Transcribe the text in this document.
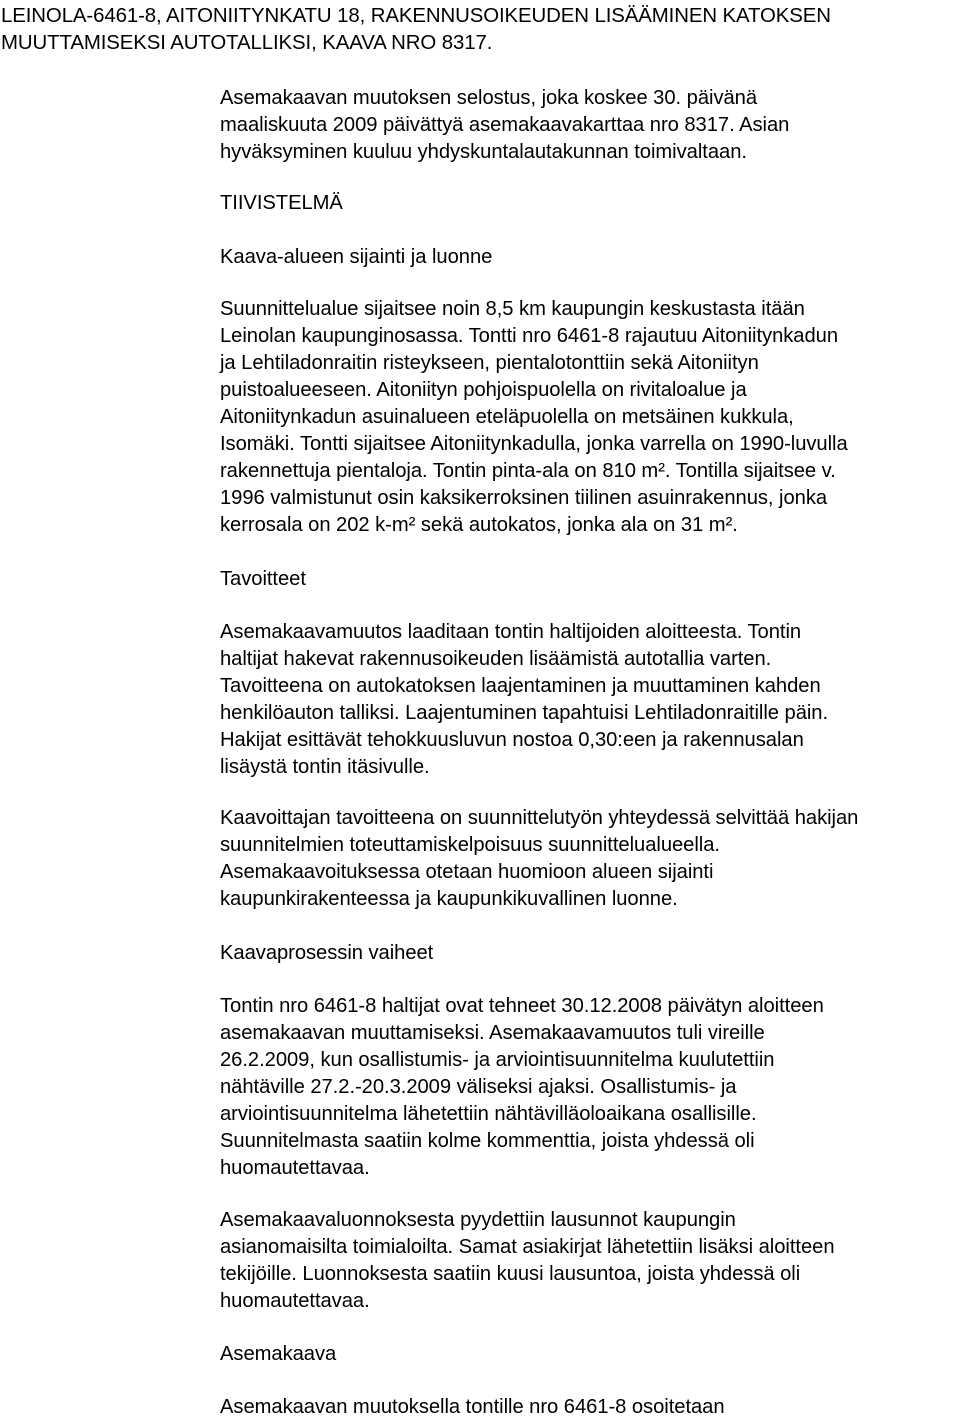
LEINOLA-6461-8, AITONIITYNKATU 18, RAKENNUSOIKEUDEN LISÄÄMINEN KATOKSEN
MUUTTAMISEKSI AUTOTALLIKSI, KAAVA NRO 8317.

Asemakaavan muutoksen selostus, joka koskee 30. päivänä
maaliskuuta 2009 päivättyä asemakaavakarttaa nro 8317. Asian
hyväksyminen kuuluu yhdyskuntalautakunnan toimivaltaan.

TIIVISTELMÄ
Kaava-alueen sijainti ja luonne

Suunnittelualue sijaitsee noin 8,5 km kaupungin keskustasta itään
Leinolan kaupunginosassa. Tontti nro 6461-8 rajautuu Aitoniitynkadun
ja Lehtiladonraitin risteykseen, pientalotonttiin sekä Aitoniityn
puistoalueeseen. Aitoniityn pohjoispuolella on rivitaloalue ja
Aitoniitynkadun asuinalueen eteläpuolella on metsäinen kukkula,
Isomäki. Tontti sijaitsee Aitoniitynkadulla, jonka varrella on 1990-luvulla
rakennettuja pientaloja. Tontin pinta-ala on 810 m². Tontilla sijaitsee v.
1996 valmistunut osin kaksikerroksinen tiilinen asuinrakennus, jonka
kerrosala on 202 k-m² sekä autokatos, jonka ala on 31 m².

Tavoitteet

Asemakaavamuutos laaditaan tontin haltijoiden aloitteesta. Tontin
haltijat hakevat rakennusoikeuden lisäämistä autotallia varten.
Tavoitteena on autokatoksen laajentaminen ja muuttaminen kahden
henkilöauton talliksi. Laajentuminen tapahtuisi Lehtiladonraitille päin.
Hakijat esittävät tehokkuusluvun nostoa 0,30:een ja rakennusalan
lisäystä tontin itäsivulle.

Kaavoittajan tavoitteena on suunnittelutyön yhteydessä selvittää hakijan
suunnitelmien toteuttamiskelpoisuus suunnittelualueella.
Asemakaavoituksessa otetaan huomioon alueen sijainti
kaupunkirakenteessa ja kaupunkikuvallinen luonne.

Kaavaprosessin vaiheet

Tontin nro 6461-8 haltijat ovat tehneet 30.12.2008 päivätyn aloitteen
asemakaavan muuttamiseksi. Asemakaavamuutos tuli vireille
26.2.2009, kun osallistumis- ja arviointisuunnitelma kuulutettiin
nähtäville 27.2.-20.3.2009 väliseksi ajaksi. Osallistumis- ja
arviointisuunnitelma lähetettiin nähtävilläoloaikana osallisille.
Suunnitelmasta saatiin kolme kommenttia, joista yhdessä oli
huomautettavaa.

Asemakaavaluonnoksesta pyydettiin lausunnot kaupungin
asianomaisilta toimialoilta. Samat asiakirjat lähetettiin lisäksi aloitteen
tekijöille. Luonnoksesta saatiin kuusi lausuntoa, joista yhdessä oli
huomautettavaa.

Asemakaava

Asemakaavan muutoksella tontille nro 6461-8 osoitetaan
